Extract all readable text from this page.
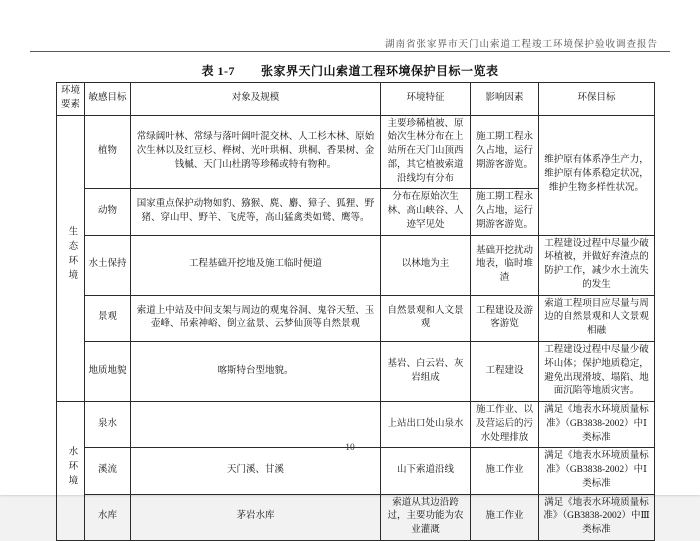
湖南省张家界市天门山索道工程竣工环境保护验收调查报告
表 1-7 张家界天门山索道工程环境保护目标一览表
环境要素	敏感目标	对象及规模	环境特征	影响因素	环保目标
生态环境	植物	常绿阔叶林、常绿与落叶阔叶混交林、人工杉木林、原始次生林以及红豆杉、榉树、光叶珙桐、珙桐、香果树、金钱槭、天门山杜鹃等珍稀或特有物种。	主要珍稀植被、原始次生林分布在上站所在天门山顶西部，其它植被索道沿线均有分布	施工期工程永久占地，运行期游客游览。	维护原有体系净生产力，维护原有体系稳定状况，维护生物多样性状况。
	动物	国家重点保护动物如豹、猕猴、麂、麝、獐子、狐狸、野猪、穿山甲、野羊、飞虎等，高山猛禽类如鹫、鹰等。	分布在原始次生林、高山峡谷、人迹罕见处	施工期工程永久占地，运行期游客游览。	
	水土保持	工程基础开挖地及施工临时便道	以林地为主	基础开挖扰动地表，临时堆渣	工程建设过程中尽量少破坏植被，并做好弃渣点的防护工作，减少水土流失的发生
	景观	索道上中站及中间支架与周边的观鬼谷洞、鬼谷天堑、玉壶峰、吊索神峪、倒立盆景、云梦仙顶等自然景观	自然景观和人文景观	工程建设及游客游览	索道工程项目应尽量与周边的自然景观和人文景观相融
	地质地貌	喀斯特台型地貌。	基岩、白云岩、灰岩组成	工程建设	工程建设过程中尽量少破坏山体；保护地质稳定，避免出现滑坡、塌陷、地面沉陷等地质灾害。
水环境	泉水		上站出口处山泉水	施工作业、以及营运后的污水处理排放	满足《地表水环境质量标准》（GB3838-2002）中Ⅰ类标准
	溪流	天门溪、甘溪	山下索道沿线	施工作业	满足《地表水环境质量标准》（GB3838-2002）中Ⅰ类标准
	水库	茅岩水库	索道从其边沿跨过，主要功能为农业灌溉	施工作业	满足《地表水环境质量标准》（GB3838-2002）中Ⅲ类标准
10
